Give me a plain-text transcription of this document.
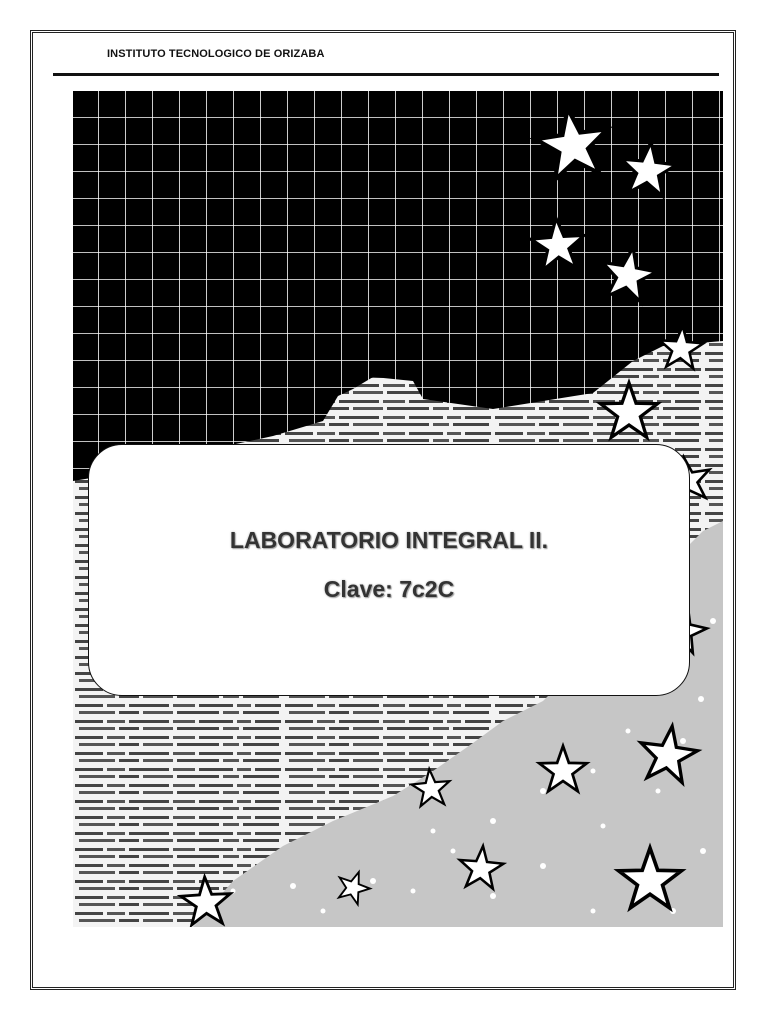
INSTITUTO TECNOLOGICO DE ORIZABA
LABORATORIO INTEGRAL II.
Clave: 7c2C
